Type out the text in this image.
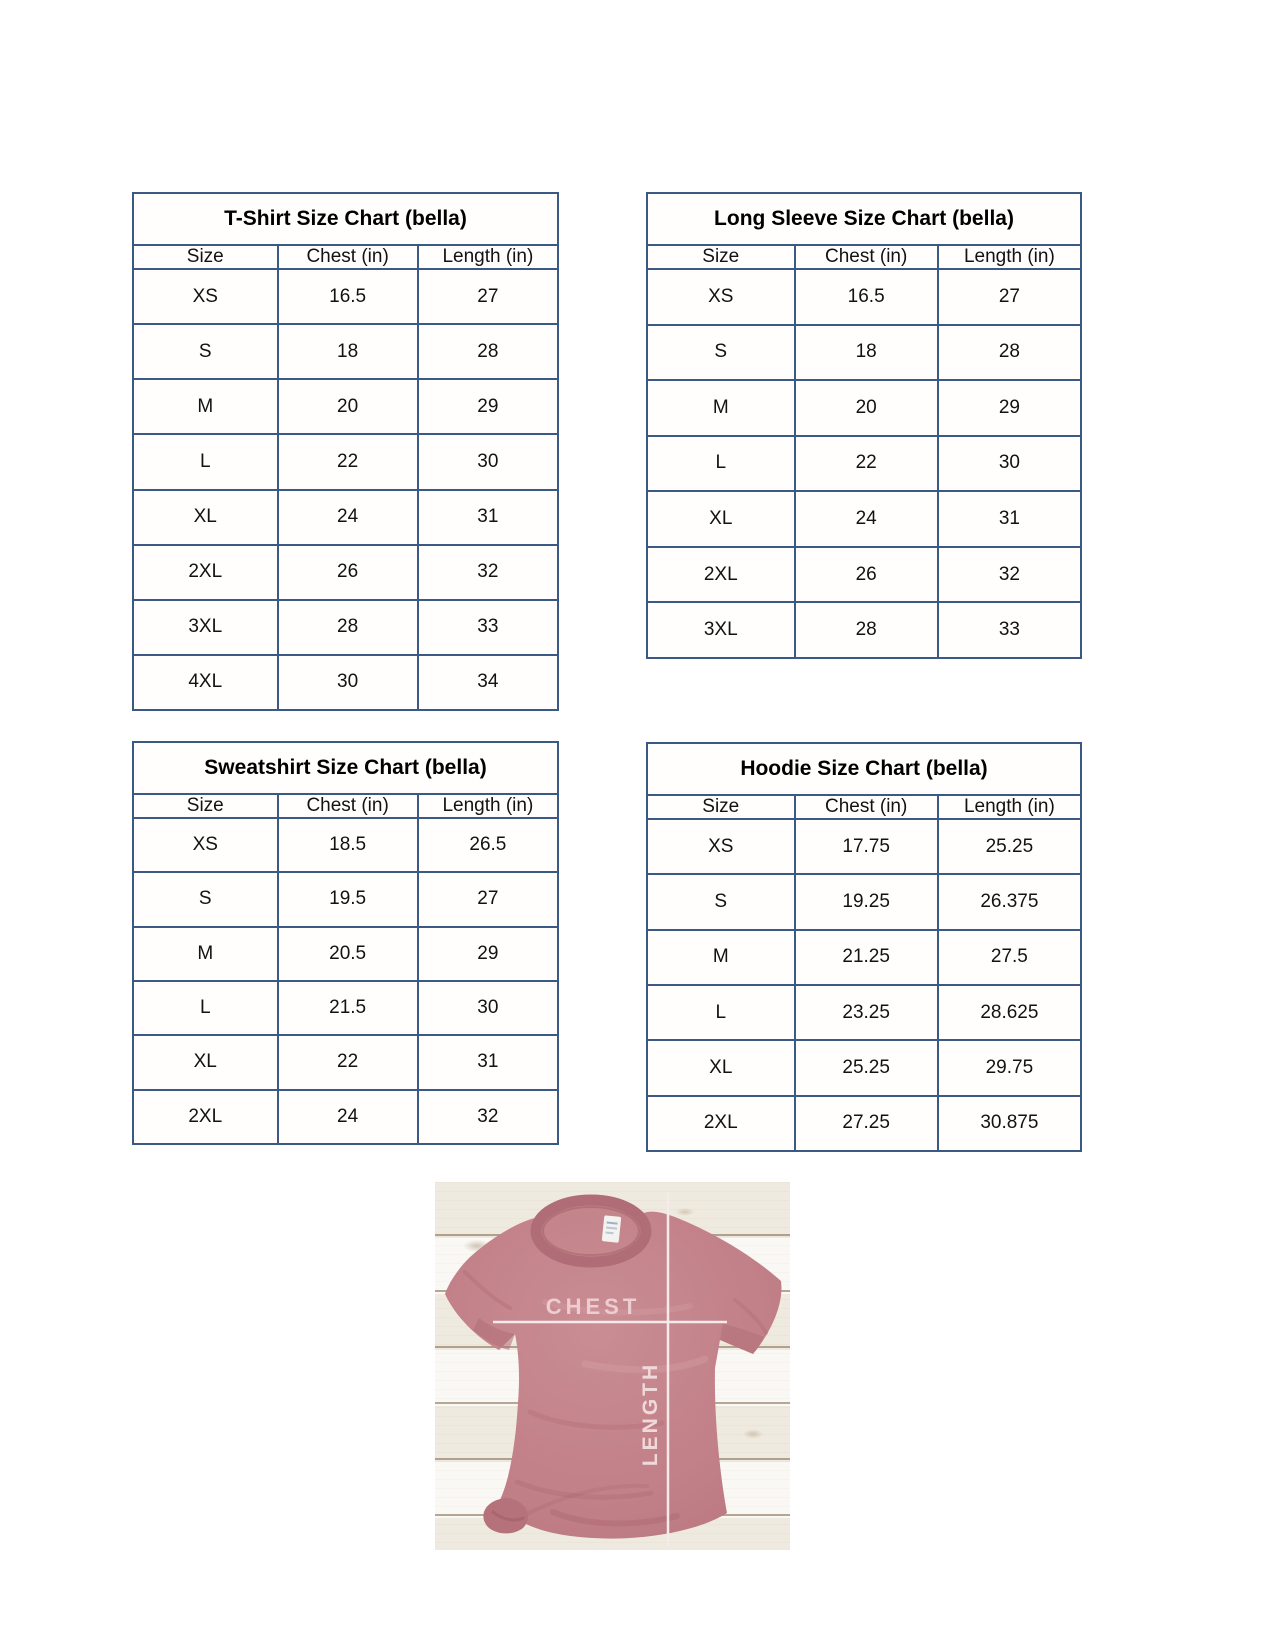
T-Shirt Size Chart (bella)		
Size	Chest (in)	Length (in)
XS	16.5	27
S	18	28
M	20	29
L	22	30
XL	24	31
2XL	26	32
3XL	28	33
4XL	30	34
Long Sleeve Size Chart (bella)		
Size	Chest (in)	Length (in)
XS	16.5	27
S	18	28
M	20	29
L	22	30
XL	24	31
2XL	26	32
3XL	28	33
Sweatshirt Size Chart (bella)		
Size	Chest (in)	Length (in)
XS	18.5	26.5
S	19.5	27
M	20.5	29
L	21.5	30
XL	22	31
2XL	24	32
Hoodie Size Chart (bella)		
Size	Chest (in)	Length (in)
XS	17.75	25.25
S	19.25	26.375
M	21.25	27.5
L	23.25	28.625
XL	25.25	29.75
2XL	27.25	30.875
CHEST
LENGTH
